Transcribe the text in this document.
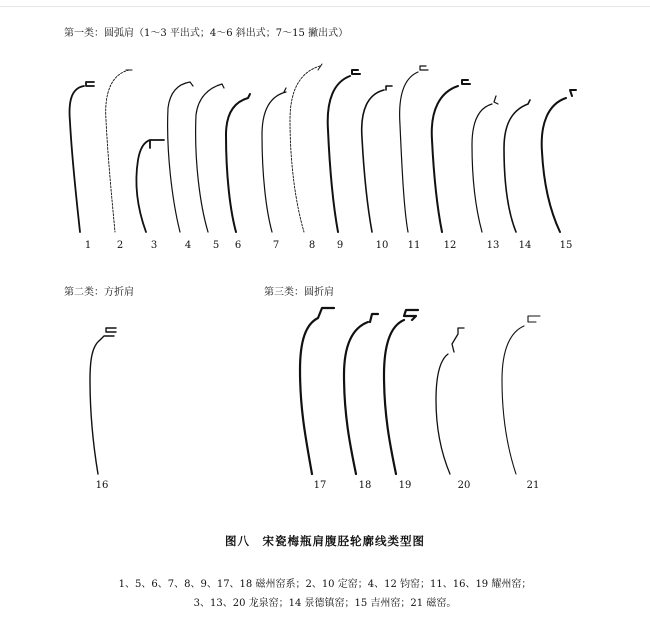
第一类：圆弧肩（1～3 平出式；4～6 斜出式；7～15 撇出式）
第二类：方折肩	第三类：圆折肩
1	2	3	4	5	6	7	8	9	10	11	12	13	14	15
16	17	18	19	20	21
图八　宋瓷梅瓶肩腹胫轮廓线类型图
1、5、6、7、8、9、17、18 磁州窑系；2、10 定窑；4、12 钧窑；11、16、19 耀州窑；
3、13、20 龙泉窑；14 景德镇窑；15 吉州窑；21 磁窑。
